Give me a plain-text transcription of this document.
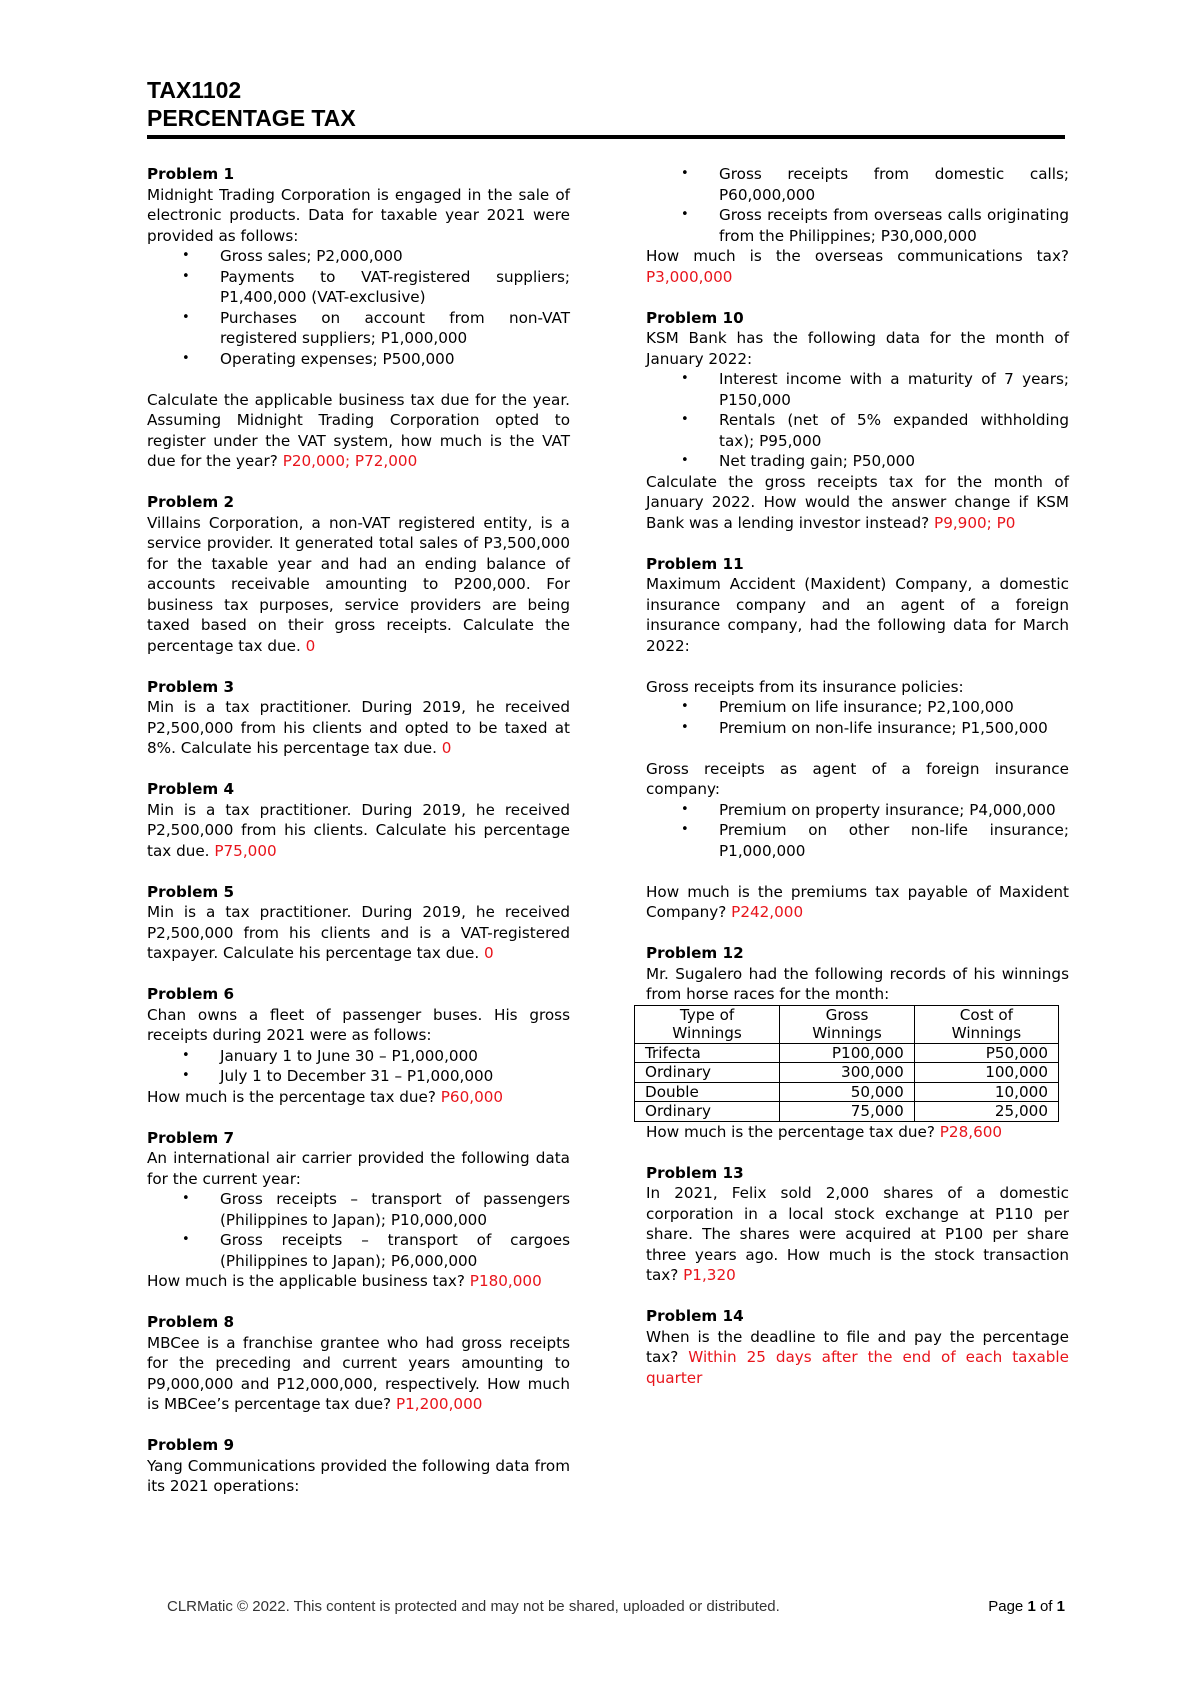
TAX1102
PERCENTAGE TAX
Problem 1
Midnight Trading Corporation is engaged in the sale of electronic products. Data for taxable year 2021 were provided as follows:
• Gross sales; P2,000,000
• Payments to VAT-registered suppliers; P1,400,000 (VAT-exclusive)
• Purchases on account from non-VAT registered suppliers; P1,000,000
• Operating expenses; P500,000
Calculate the applicable business tax due for the year. Assuming Midnight Trading Corporation opted to register under the VAT system, how much is the VAT due for the year? P20,000; P72,000
Problem 2
Villains Corporation, a non-VAT registered entity, is a service provider. It generated total sales of P3,500,000 for the taxable year and had an ending balance of accounts receivable amounting to P200,000. For business tax purposes, service providers are being taxed based on their gross receipts. Calculate the percentage tax due. 0
Problem 3
Min is a tax practitioner. During 2019, he received P2,500,000 from his clients and opted to be taxed at 8%. Calculate his percentage tax due. 0
Problem 4
Min is a tax practitioner. During 2019, he received P2,500,000 from his clients. Calculate his percentage tax due. P75,000
Problem 5
Min is a tax practitioner. During 2019, he received P2,500,000 from his clients and is a VAT-registered taxpayer. Calculate his percentage tax due. 0
Problem 6
Chan owns a fleet of passenger buses. His gross receipts during 2021 were as follows:
• January 1 to June 30 – P1,000,000
• July 1 to December 31 – P1,000,000
How much is the percentage tax due? P60,000
Problem 7
An international air carrier provided the following data for the current year:
• Gross receipts – transport of passengers (Philippines to Japan); P10,000,000
• Gross receipts – transport of cargoes (Philippines to Japan); P6,000,000
How much is the applicable business tax? P180,000
Problem 8
MBCee is a franchise grantee who had gross receipts for the preceding and current years amounting to P9,000,000 and P12,000,000, respectively. How much is MBCee’s percentage tax due? P1,200,000
Problem 9
Yang Communications provided the following data from its 2021 operations:
• Gross receipts from domestic calls; P60,000,000
• Gross receipts from overseas calls originating from the Philippines; P30,000,000
How much is the overseas communications tax? P3,000,000
Problem 10
KSM Bank has the following data for the month of January 2022:
• Interest income with a maturity of 7 years; P150,000
• Rentals (net of 5% expanded withholding tax); P95,000
• Net trading gain; P50,000
Calculate the gross receipts tax for the month of January 2022. How would the answer change if KSM Bank was a lending investor instead? P9,900; P0
Problem 11
Maximum Accident (Maxident) Company, a domestic insurance company and an agent of a foreign insurance company, had the following data for March 2022:
Gross receipts from its insurance policies:
• Premium on life insurance; P2,100,000
• Premium on non-life insurance; P1,500,000
Gross receipts as agent of a foreign insurance company:
• Premium on property insurance; P4,000,000
• Premium on other non-life insurance; P1,000,000
How much is the premiums tax payable of Maxident Company? P242,000
Problem 12
Mr. Sugalero had the following records of his winnings from horse races for the month:
Type of Winnings	Gross Winnings	Cost of Winnings
Trifecta	P100,000	P50,000
Ordinary	300,000	100,000
Double	50,000	10,000
Ordinary	75,000	25,000
How much is the percentage tax due? P28,600
Problem 13
In 2021, Felix sold 2,000 shares of a domestic corporation in a local stock exchange at P110 per share. The shares were acquired at P100 per share three years ago. How much is the stock transaction tax? P1,320
Problem 14
When is the deadline to file and pay the percentage tax? Within 25 days after the end of each taxable quarter
CLRMatic © 2022. This content is protected and may not be shared, uploaded or distributed.	Page 1 of 1
